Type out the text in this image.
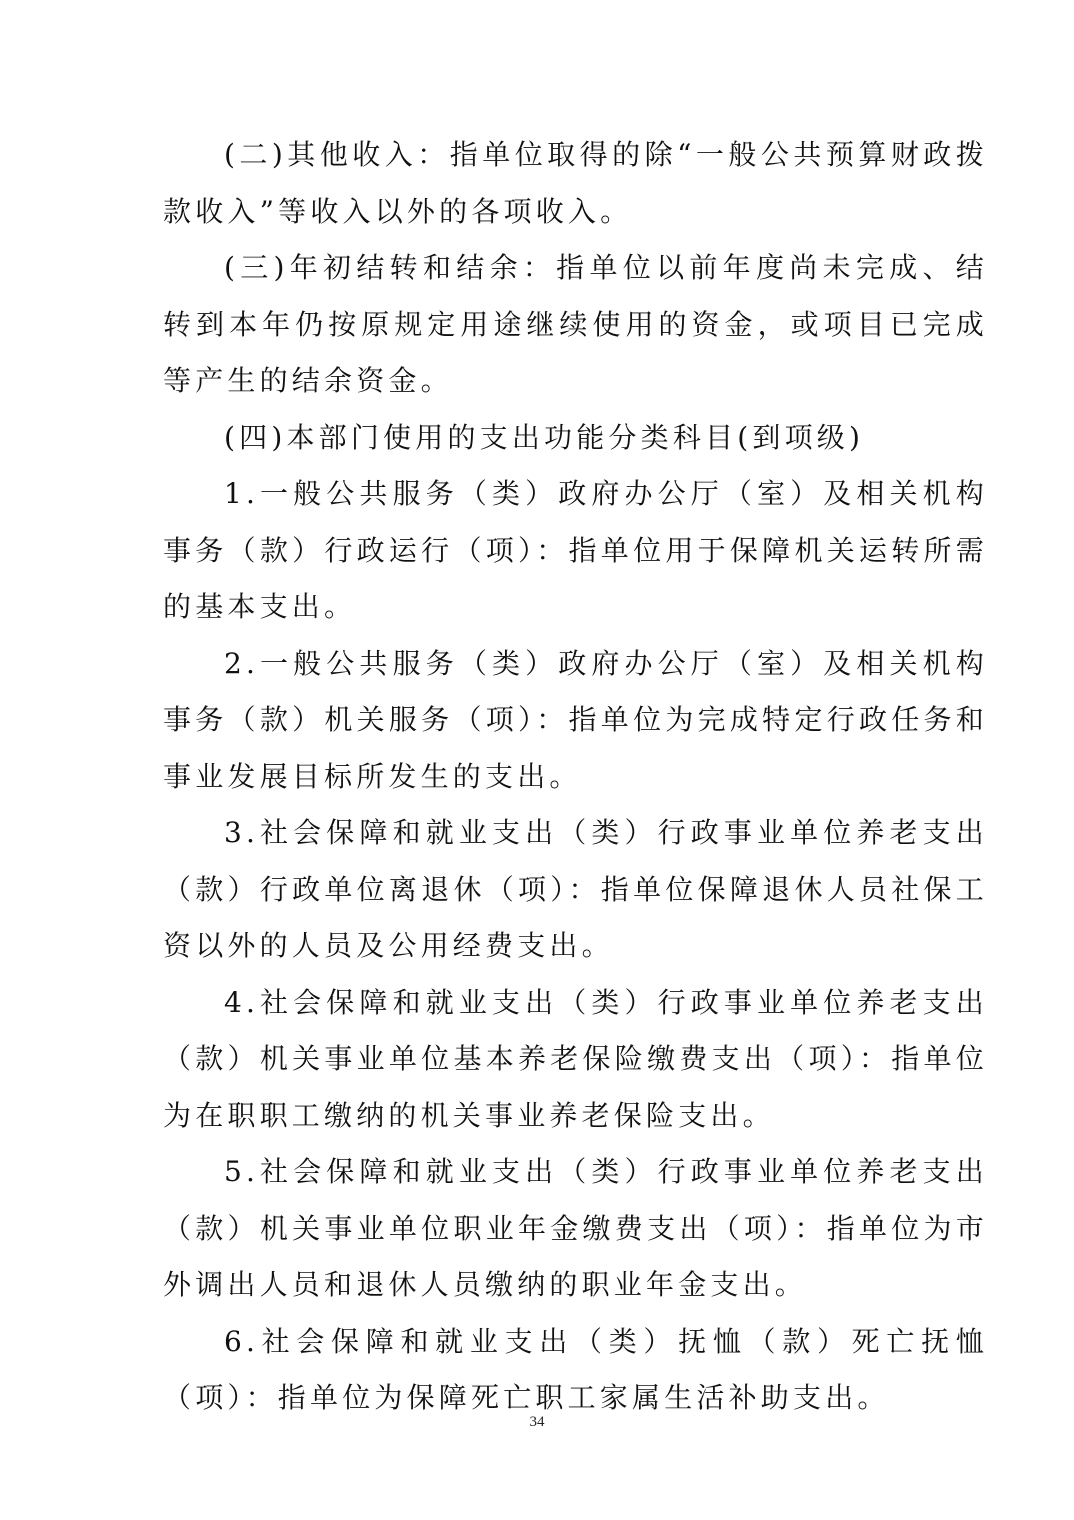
(二)其他收入：指单位取得的除“一般公共预算财政拨款收入”等收入以外的各项收入。

(三)年初结转和结余：指单位以前年度尚未完成、结转到本年仍按原规定用途继续使用的资金，或项目已完成等产生的结余资金。

(四)本部门使用的支出功能分类科目(到项级)

1.一般公共服务（类）政府办公厅（室）及相关机构事务（款）行政运行（项）：指单位用于保障机关运转所需的基本支出。

2.一般公共服务（类）政府办公厅（室）及相关机构事务（款）机关服务（项）：指单位为完成特定行政任务和事业发展目标所发生的支出。

3.社会保障和就业支出（类）行政事业单位养老支出（款）行政单位离退休（项）：指单位保障退休人员社保工资以外的人员及公用经费支出。

4.社会保障和就业支出（类）行政事业单位养老支出（款）机关事业单位基本养老保险缴费支出（项）：指单位为在职职工缴纳的机关事业养老保险支出。

5.社会保障和就业支出（类）行政事业单位养老支出（款）机关事业单位职业年金缴费支出（项）：指单位为市外调出人员和退休人员缴纳的职业年金支出。

6.社会保障和就业支出（类）抚恤（款）死亡抚恤（项）：指单位为保障死亡职工家属生活补助支出。

34
